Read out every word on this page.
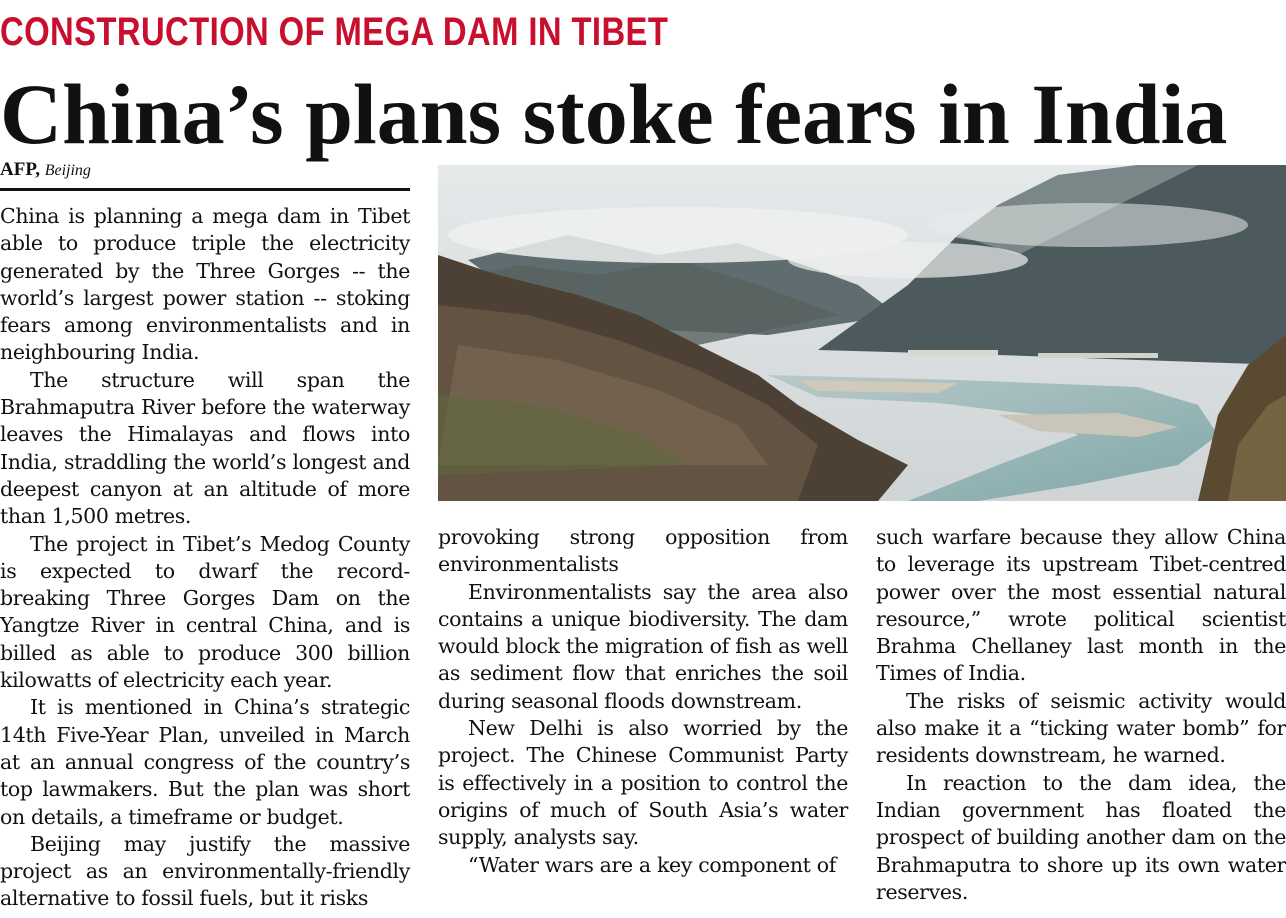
CONSTRUCTION OF MEGA DAM IN TIBET
China’s plans stoke fears in India
AFP, Beijing

China is planning a mega dam in Tibet able to produce triple the electricity generated by the Three Gorges -- the world’s largest power station -- stoking fears among environmentalists and in neighbouring India.

The structure will span the Brahmaputra River before the waterway leaves the Himalayas and flows into India, straddling the world’s longest and deepest canyon at an altitude of more than 1,500 metres.

The project in Tibet’s Medog County is expected to dwarf the record-breaking Three Gorges Dam on the Yangtze River in central China, and is billed as able to produce 300 billion kilowatts of electricity each year.

It is mentioned in China’s strategic 14th Five-Year Plan, unveiled in March at an annual congress of the country’s top lawmakers. But the plan was short on details, a timeframe or budget.

Beijing may justify the massive project as an environmentally-friendly alternative to fossil fuels, but it risks

provoking strong opposition from environmentalists

Environmentalists say the area also contains a unique biodiversity. The dam would block the migration of fish as well as sediment flow that enriches the soil during seasonal floods downstream.

New Delhi is also worried by the project. The Chinese Communist Party is effectively in a position to control the origins of much of South Asia’s water supply, analysts say.

“Water wars are a key component of

such warfare because they allow China to leverage its upstream Tibet-centred power over the most essential natural resource,” wrote political scientist Brahma Chellaney last month in the Times of India.

The risks of seismic activity would also make it a “ticking water bomb” for residents downstream, he warned.

In reaction to the dam idea, the Indian government has floated the prospect of building another dam on the Brahmaputra to shore up its own water reserves.
